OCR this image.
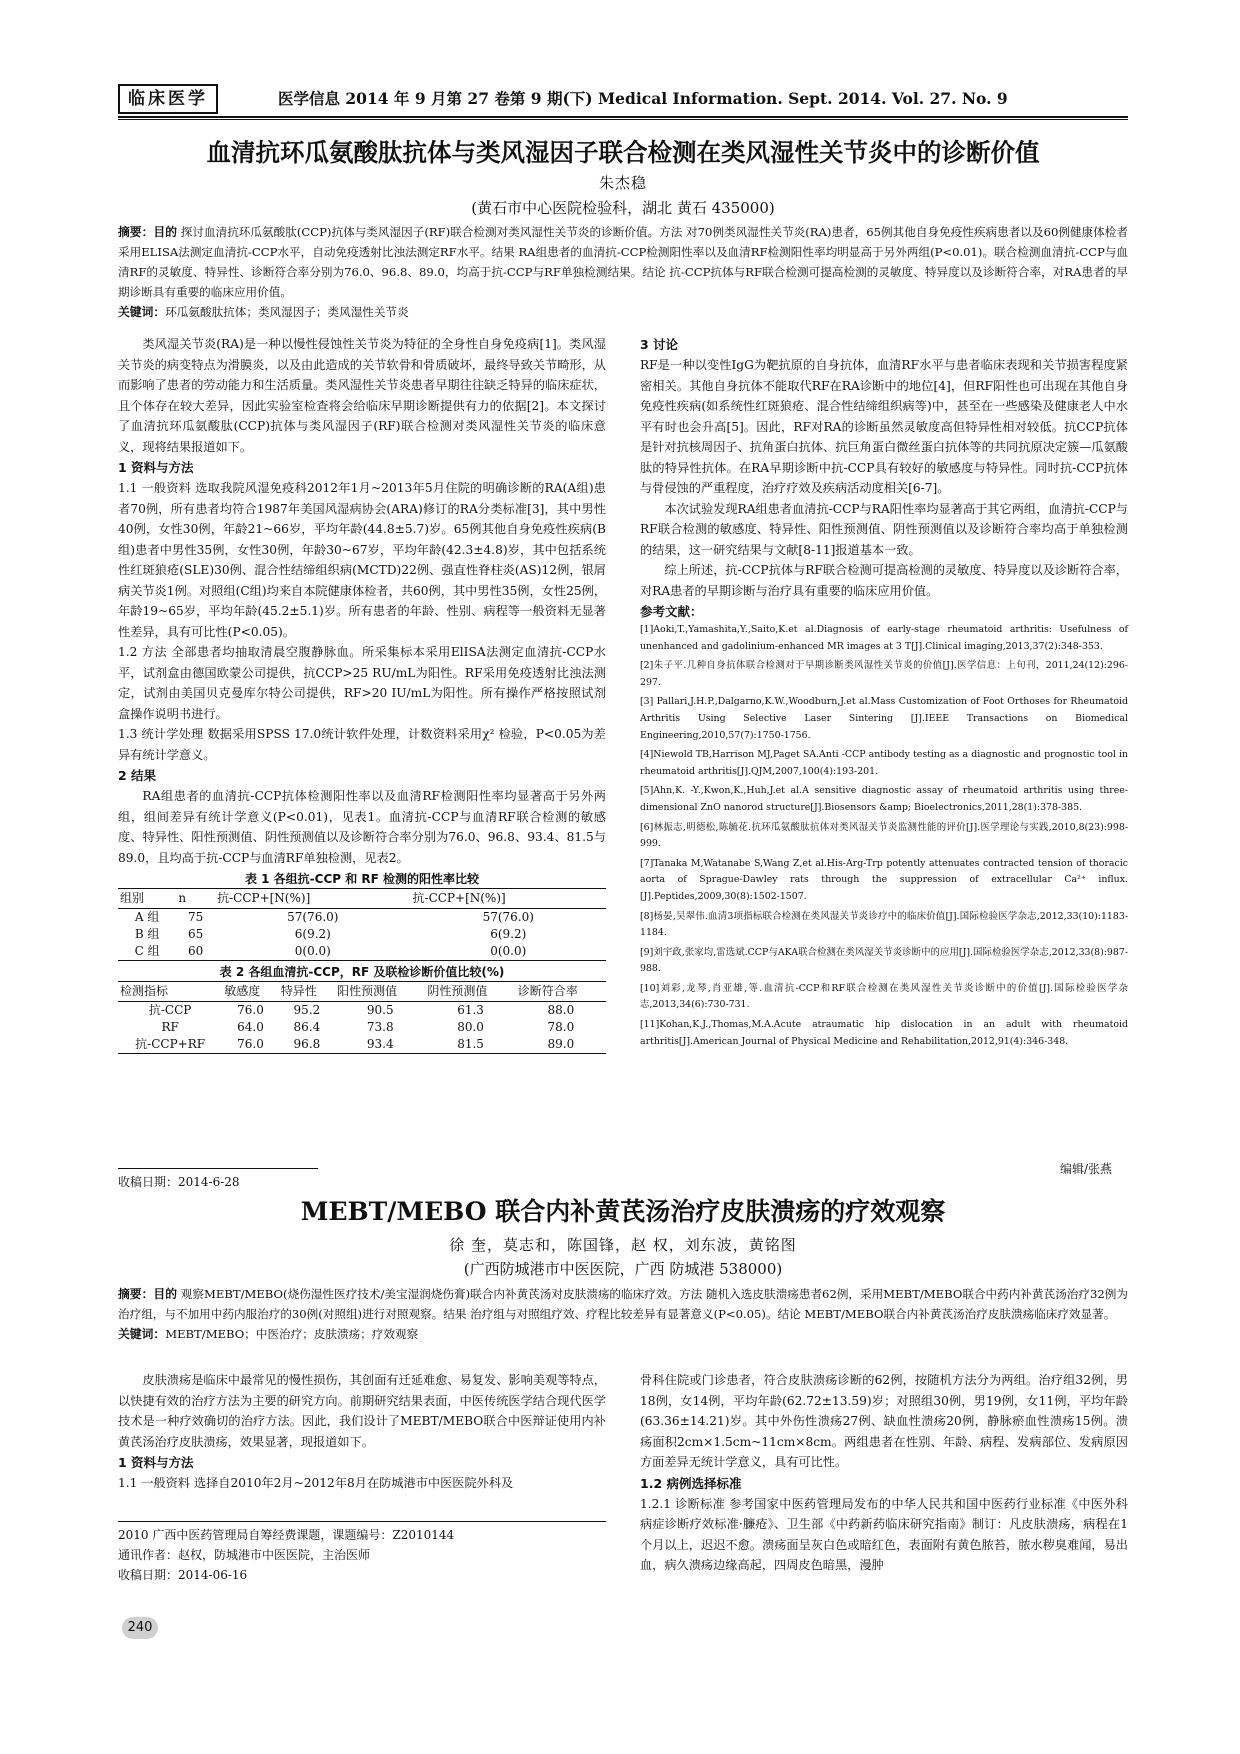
临床医学	医学信息 2014 年 9 月第 27 卷第 9 期(下) Medical Information. Sept. 2014. Vol. 27. No. 9
血清抗环瓜氨酸肽抗体与类风湿因子联合检测在类风湿性关节炎中的诊断价值
朱杰稳
(黄石市中心医院检验科，湖北 黄石 435000)
摘要：目的 探讨血清抗环瓜氨酸肽(CCP)抗体与类风湿因子(RF)联合检测对类风湿性关节炎的诊断价值。方法 对70例类风湿性关节炎(RA)患者，65例其他自身免疫性疾病患者以及60例健康体检者采用ELISA法测定血清抗-CCP水平，自动免疫透射比浊法测定RF水平。结果 RA组患者的血清抗-CCP检测阳性率以及血清RF检测阳性率均明显高于另外两组(P<0.01)。联合检测血清抗-CCP与血清RF的灵敏度、特异性、诊断符合率分别为76.0、96.8、89.0，均高于抗-CCP与RF单独检测结果。结论 抗-CCP抗体与RF联合检测可提高检测的灵敏度、特异度以及诊断符合率，对RA患者的早期诊断具有重要的临床应用价值。
关键词：环瓜氨酸肽抗体；类风湿因子；类风湿性关节炎

类风湿关节炎(RA)是一种以慢性侵蚀性关节炎为特征的全身性自身免疫病[1]。类风湿关节炎的病变特点为滑膜炎，以及由此造成的关节软骨和骨质破坏，最终导致关节畸形，从而影响了患者的劳动能力和生活质量。类风湿性关节炎患者早期往往缺乏特异的临床症状，且个体存在较大差异，因此实验室检查将会给临床早期诊断提供有力的依据[2]。本文探讨了血清抗环瓜氨酸肽(CCP)抗体与类风湿因子(RF)联合检测对类风湿性关节炎的临床意义，现将结果报道如下。

1 资料与方法

1.1 一般资料 选取我院风湿免疫科2012年1月~2013年5月住院的明确诊断的RA(A组)患者70例，所有患者均符合1987年美国风湿病协会(ARA)修订的RA分类标准[3]，其中男性40例，女性30例，年龄21~66岁，平均年龄(44.8±5.7)岁。65例其他自身免疫性疾病(B组)患者中男性35例，女性30例，年龄30~67岁，平均年龄(42.3±4.8)岁，其中包括系统性红斑狼疮(SLE)30例、混合性结缔组织病(MCTD)22例、强直性脊柱炎(AS)12例，银屑病关节炎1例。对照组(C组)均来自本院健康体检者，共60例，其中男性35例，女性25例，年龄19~65岁，平均年龄(45.2±5.1)岁。所有患者的年龄、性别、病程等一般资料无显著性差异，具有可比性(P<0.05)。

1.2 方法 全部患者均抽取清晨空腹静脉血。所采集标本采用ElISA法测定血清抗-CCP水平，试剂盒由德国欧蒙公司提供，抗CCP>25 RU/mL为阳性。RF采用免疫透射比浊法测定，试剂由美国贝克曼库尔特公司提供，RF>20 IU/mL为阳性。所有操作严格按照试剂盒操作说明书进行。

1.3 统计学处理 数据采用SPSS 17.0统计软件处理，计数资料采用χ² 检验，P<0.05为差异有统计学意义。

2 结果

RA组患者的血清抗-CCP抗体检测阳性率以及血清RF检测阳性率均显著高于另外两组，组间差异有统计学意义(P<0.01)，见表1。血清抗-CCP与血清RF联合检测的敏感度、特异性、阳性预测值、阴性预测值以及诊断符合率分别为76.0、96.8、93.4、81.5与89.0，且均高于抗-CCP与血清RF单独检测，见表2。

表 1 各组抗-CCP 和 RF 检测的阳性率比较
组别	n	抗-CCP+[N(%)]	抗-CCP+[N(%)]
A 组	75	57(76.0)	57(76.0)
B 组	65	6(9.2)	6(9.2)
C 组	60	0(0.0)	0(0.0)
表 2 各组血清抗-CCP，RF 及联检诊断价值比较(%)
检测指标	敏感度	特异性	阳性预测值	阴性预测值	诊断符合率
抗-CCP	76.0	95.2	90.5	61.3	88.0
RF	64.0	86.4	73.8	80.0	78.0
抗-CCP+RF	76.0	96.8	93.4	81.5	89.0
收稿日期：2014-6-28
3 讨论

RF是一种以变性IgG为靶抗原的自身抗体，血清RF水平与患者临床表现和关节损害程度紧密相关。其他自身抗体不能取代RF在RA诊断中的地位[4]，但RF阳性也可出现在其他自身免疫性疾病(如系统性红斑狼疮、混合性结缔组织病等)中，甚至在一些感染及健康老人中水平有时也会升高[5]。因此，RF对RA的诊断虽然灵敏度高但特异性相对较低。抗CCP抗体是针对抗核周因子、抗角蛋白抗体、抗巨角蛋白微丝蛋白抗体等的共同抗原决定簇—瓜氨酸肽的特异性抗体。在RA早期诊断中抗-CCP具有较好的敏感度与特异性。同时抗-CCP抗体与骨侵蚀的严重程度，治疗疗效及疾病活动度相关[6-7]。

本次试验发现RA组患者血清抗-CCP与RA阳性率均显著高于其它两组，血清抗-CCP与RF联合检测的敏感度、特异性、阳性预测值、阴性预测值以及诊断符合率均高于单独检测的结果，这一研究结果与文献[8-11]报道基本一致。

综上所述，抗-CCP抗体与RF联合检测可提高检测的灵敏度、特异度以及诊断符合率，对RA患者的早期诊断与治疗具有重要的临床应用价值。

参考文献：
[1]Aoki,T.,Yamashita,Y.,Saito,K.et al.Diagnosis of early-stage rheumatoid arthritis: Usefulness of unenhanced and gadolinium-enhanced MR images at 3 T[J].Clinical imaging,2013,37(2):348-353.
[2]朱子平.几种自身抗体联合检测对于早期诊断类风湿性关节炎的价值[J].医学信息：上旬刊，2011,24(12):296-297.
[3] Pallari,J.H.P.,Dalgarno,K.W.,Woodburn,J.et al.Mass Customization of Foot Orthoses for Rheumatoid Arthritis Using Selective Laser Sintering [J].IEEE Transactions on Biomedical Engineering,2010,57(7):1750-1756.
[4]Niewold TB,Harrison MJ,Paget SA.Anti -CCP antibody testing as a diagnostic and prognostic tool in rheumatoid arthritis[J].QJM,2007,100(4):193-201.
[5]Ahn,K. -Y.,Kwon,K.,Huh,J.et al.A sensitive diagnostic assay of rheumatoid arthritis using three-dimensional ZnO nanorod structure[J].Biosensors &amp; Bioelectronics,2011,28(1):378-385.
[6]林振志,明德松,陈毓花.抗环瓜氨酸肽抗体对类风湿关节炎监测性能的评价[J].医学理论与实践,2010,8(23):998-999.
[7]Tanaka M,Watanabe S,Wang Z,et al.His-Arg-Trp potently attenuates contracted tension of thoracic aorta of Sprague-Dawley rats through the suppression of extracellular Ca²⁺ influx.[J].Peptides,2009,30(8):1502-1507.
[8]杨晏,吴翠伟.血清3项指标联合检测在类风湿关节炎诊疗中的临床价值[J].国际检验医学杂志,2012,33(10):1183-1184.
[9]刘宇政,张家均,雷选斌.CCP与AKA联合检测在类风湿关节炎诊断中的应用[J].国际检验医学杂志,2012,33(8):987-988.
[10]刘彩,龙琴,肖亚雄,等.血清抗-CCP和RF联合检测在类风湿性关节炎诊断中的价值[J].国际检验医学杂志,2013,34(6):730-731.
[11]Kohan,K.J.,Thomas,M.A.Acute atraumatic hip dislocation in an adult with rheumatoid arthritis[J].American Journal of Physical Medicine and Rehabilitation,2012,91(4):346-348.
编辑/张燕
MEBT/MEBO 联合内补黄芪汤治疗皮肤溃疡的疗效观察
徐 奎，莫志和，陈国锋，赵 权，刘东波，黄铭图
(广西防城港市中医医院，广西 防城港 538000)
摘要：目的 观察MEBT/MEBO(烧伤湿性医疗技术/美宝湿润烧伤膏)联合内补黄芪汤对皮肤溃疡的临床疗效。方法 随机入选皮肤溃疡患者62例，采用MEBT/MEBO联合中药内补黄芪汤治疗32例为治疗组，与不加用中药内服治疗的30例(对照组)进行对照观察。结果 治疗组与对照组疗效、疗程比较差异有显著意义(P<0.05)。结论 MEBT/MEBO联合内补黄芪汤治疗皮肤溃疡临床疗效显著。
关键词：MEBT/MEBO；中医治疗；皮肤溃疡；疗效观察

皮肤溃疡是临床中最常见的慢性损伤，其创面有迁延难愈、易复发、影响美观等特点，以快捷有效的治疗方法为主要的研究方向。前期研究结果表面，中医传统医学结合现代医学技术是一种疗效确切的治疗方法。因此，我们设计了MEBT/MEBO联合中医辩证使用内补黄芪汤治疗皮肤溃疡，效果显著，现报道如下。

1 资料与方法

1.1 一般资料 选择自2010年2月~2012年8月在防城港市中医医院外科及

2010 广西中医药管理局自筹经费课题，课题编号：Z2010144
通讯作者：赵权，防城港市中医医院，主治医师
收稿日期：2014-06-16

骨科住院或门诊患者，符合皮肤溃疡诊断的62例，按随机方法分为两组。治疗组32例，男18例，女14例，平均年龄(62.72±13.59)岁；对照组30例，男19例，女11例，平均年龄(63.36±14.21)岁。其中外伤性溃疡27例、缺血性溃疡20例，静脉瘀血性溃疡15例。溃疡面积2cm×1.5cm~11cm×8cm。两组患者在性别、年龄、病程、发病部位、发病原因方面差异无统计学意义，具有可比性。

1.2 病例选择标准

1.2.1 诊断标准 参考国家中医药管理局发布的中华人民共和国中医药行业标准《中医外科病症诊断疗效标准·臁疮》、卫生部《中药新药临床研究指南》制订：凡皮肤溃疡，病程在1个月以上，迟迟不愈。溃疡面呈灰白色或暗红色，表面附有黄色脓苔，脓水秽臭难闻，易出血，病久溃疡边缘高起，四周皮色暗黑，漫肿

240
